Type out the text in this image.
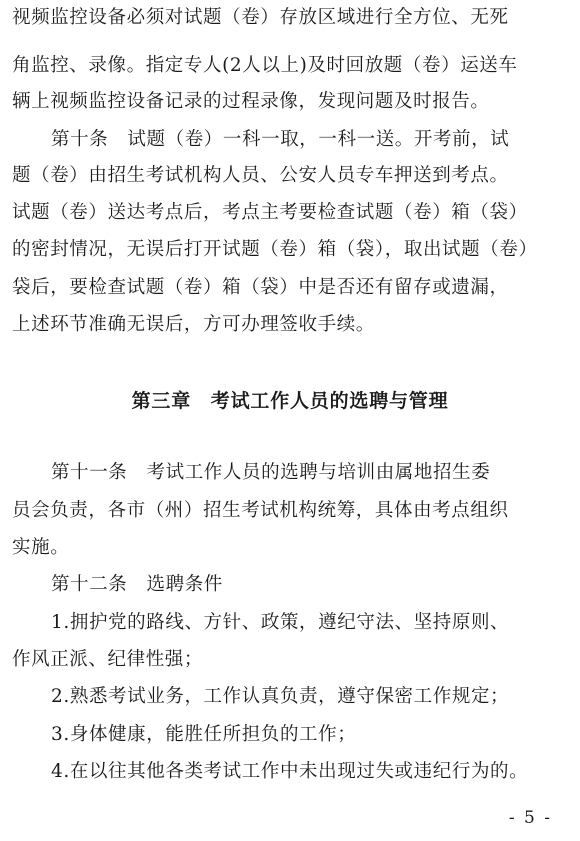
视频监控设备必须对试题（卷）存放区域进行全方位、无死
角监控、录像。指定专人(2人以上)及时回放题（卷）运送车
辆上视频监控设备记录的过程录像，发现问题及时报告。
第十条　试题（卷）一科一取，一科一送。开考前，试
题（卷）由招生考试机构人员、公安人员专车押送到考点。
试题（卷）送达考点后，考点主考要检查试题（卷）箱（袋）
的密封情况，无误后打开试题（卷）箱（袋），取出试题（卷）
袋后，要检查试题（卷）箱（袋）中是否还有留存或遗漏，
上述环节准确无误后，方可办理签收手续。
第三章　考试工作人员的选聘与管理
第十一条　考试工作人员的选聘与培训由属地招生委
员会负责，各市（州）招生考试机构统筹，具体由考点组织
实施。
第十二条　选聘条件
1.拥护党的路线、方针、政策，遵纪守法、坚持原则、
作风正派、纪律性强；
2.熟悉考试业务，工作认真负责，遵守保密工作规定；
3.身体健康，能胜任所担负的工作；
4.在以往其他各类考试工作中未出现过失或违纪行为的。
- 5 -
